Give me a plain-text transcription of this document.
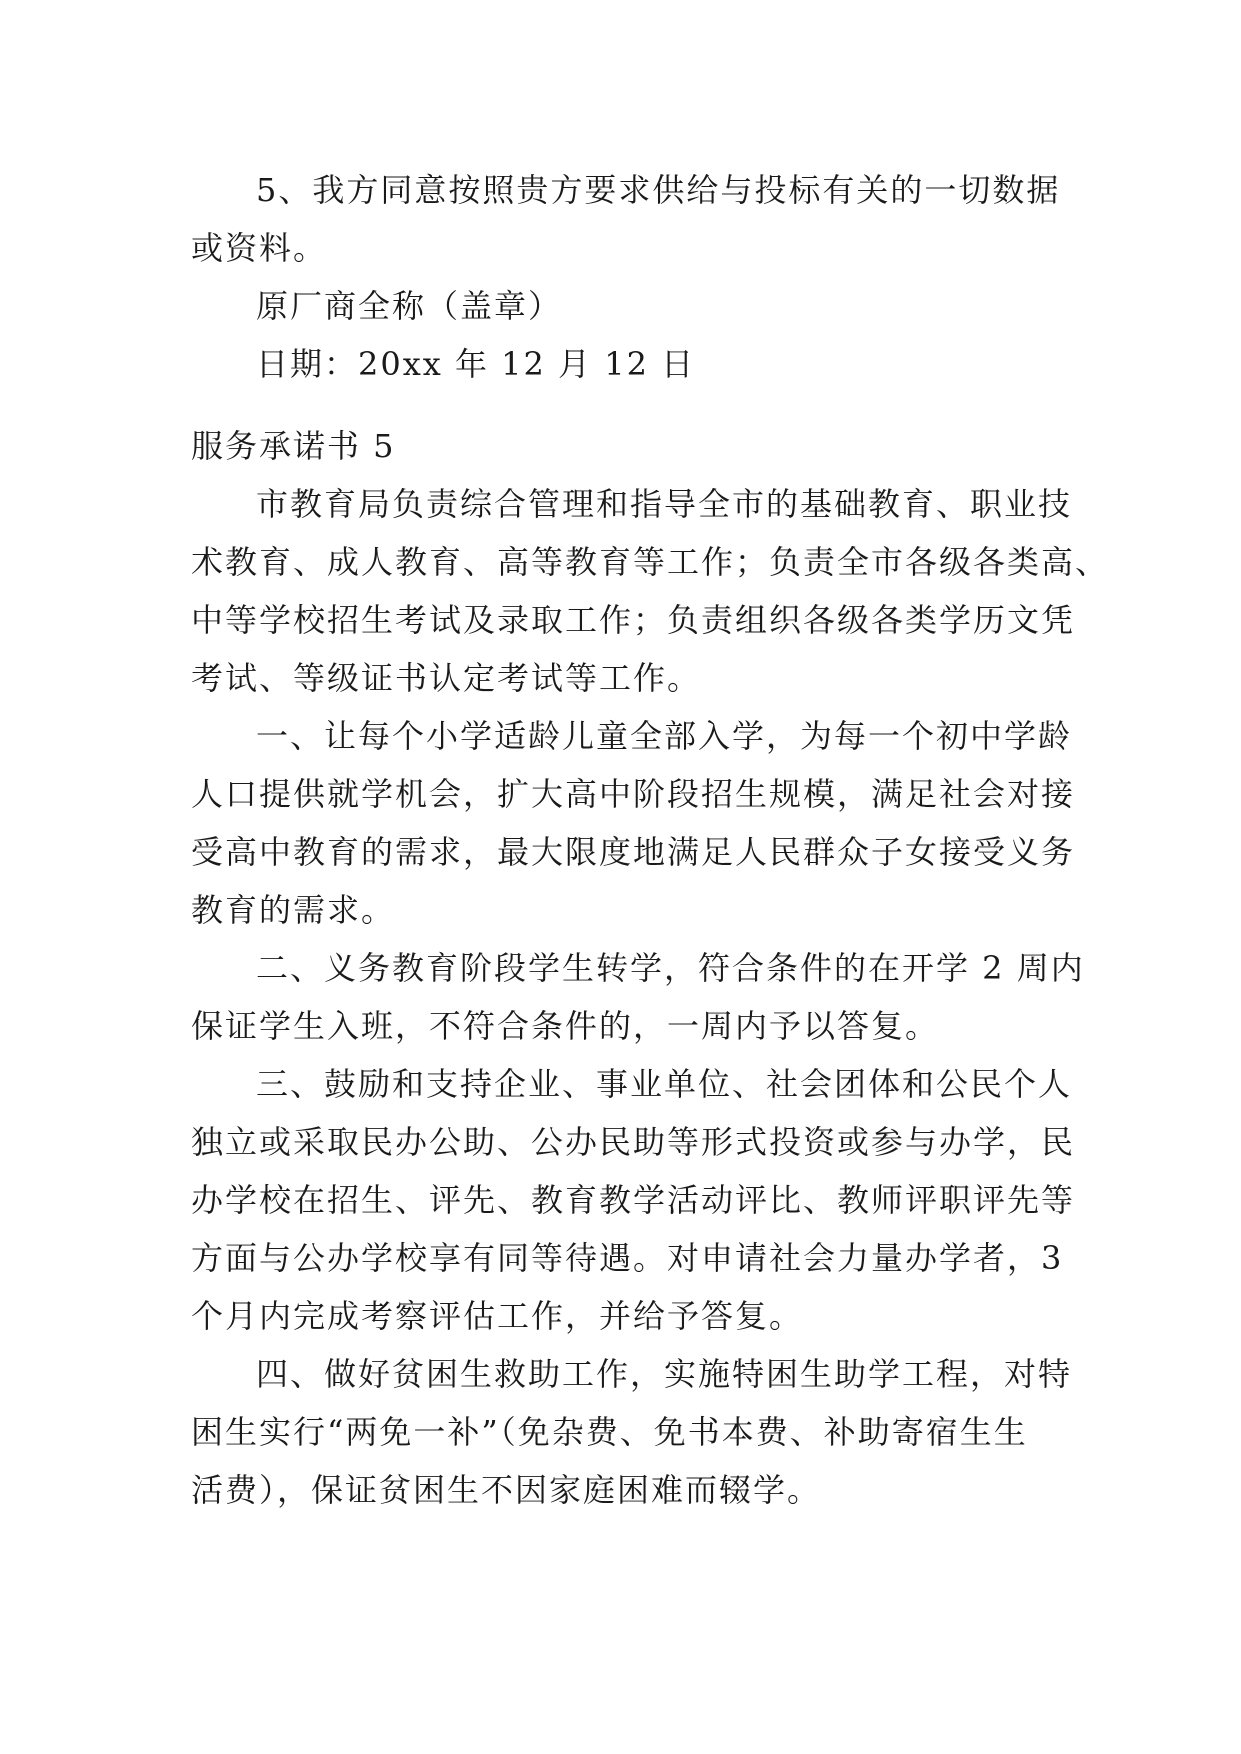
5、我方同意按照贵方要求供给与投标有关的一切数据

或资料。

原厂商全称（盖章）

日期：20xx 年 12 月 12 日

服务承诺书 5

市教育局负责综合管理和指导全市的基础教育、职业技

术教育、成人教育、高等教育等工作；负责全市各级各类高、

中等学校招生考试及录取工作；负责组织各级各类学历文凭

考试、等级证书认定考试等工作。

一、让每个小学适龄儿童全部入学，为每一个初中学龄

人口提供就学机会，扩大高中阶段招生规模，满足社会对接

受高中教育的需求，最大限度地满足人民群众子女接受义务

教育的需求。

二、义务教育阶段学生转学，符合条件的在开学 2 周内

保证学生入班，不符合条件的，一周内予以答复。

三、鼓励和支持企业、事业单位、社会团体和公民个人

独立或采取民办公助、公办民助等形式投资或参与办学，民

办学校在招生、评先、教育教学活动评比、教师评职评先等

方面与公办学校享有同等待遇。对申请社会力量办学者，3

个月内完成考察评估工作，并给予答复。

四、做好贫困生救助工作，实施特困生助学工程，对特

困生实行“两免一补”（免杂费、免书本费、补助寄宿生生

活费），保证贫困生不因家庭困难而辍学。
